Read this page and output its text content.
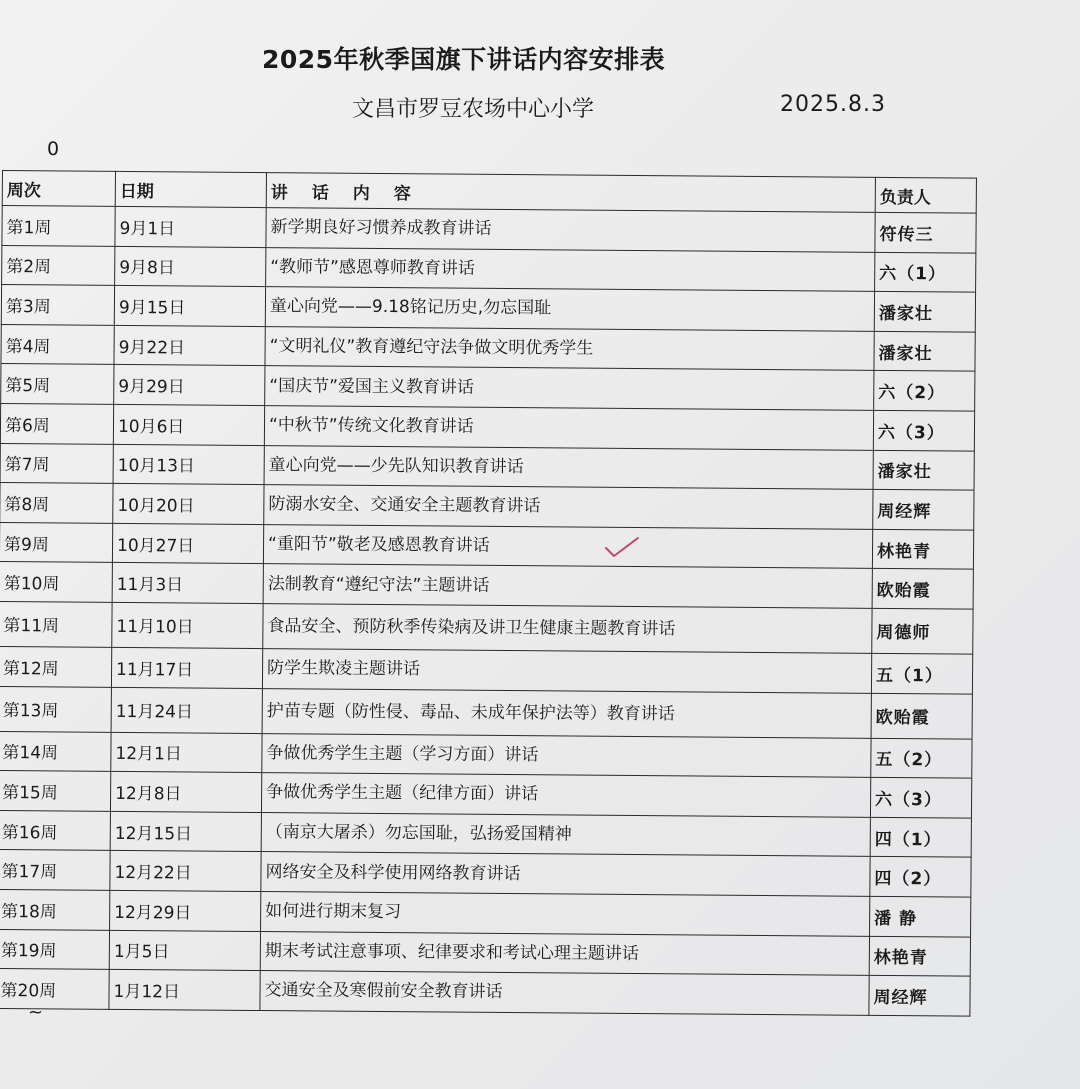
2025年秋季国旗下讲话内容安排表
文昌市罗豆农场中心小学	2025.8.3
0
周次	日期	讲话内容	负责人
第1周	9月1日	新学期良好习惯养成教育讲话	符传三
第2周	9月8日	“教师节”感恩尊师教育讲话	六（1）
第3周	9月15日	童心向党——9.18铭记历史,勿忘国耻	潘家壮
第4周	9月22日	“文明礼仪”教育遵纪守法争做文明优秀学生	潘家壮
第5周	9月29日	“国庆节”爱国主义教育讲话	六（2）
第6周	10月6日	“中秋节”传统文化教育讲话	六（3）
第7周	10月13日	童心向党——少先队知识教育讲话	潘家壮
第8周	10月20日	防溺水安全、交通安全主题教育讲话	周经辉
第9周	10月27日	“重阳节”敬老及感恩教育讲话	林艳青
第10周	11月3日	法制教育“遵纪守法”主题讲话	欧贻霞
第11周	11月10日	食品安全、预防秋季传染病及讲卫生健康主题教育讲话	周德师
第12周	11月17日	防学生欺凌主题讲话	五（1）
第13周	11月24日	护苗专题（防性侵、毒品、未成年保护法等）教育讲话	欧贻霞
第14周	12月1日	争做优秀学生主题（学习方面）讲话	五（2）
第15周	12月8日	争做优秀学生主题（纪律方面）讲话	六（3）
第16周	12月15日	（南京大屠杀）勿忘国耻，弘扬爱国精神	四（1）
第17周	12月22日	网络安全及科学使用网络教育讲话	四（2）
第18周	12月29日	如何进行期末复习	潘 静
第19周	1月5日	期末考试注意事项、纪律要求和考试心理主题讲话	林艳青
第20周	1月12日	交通安全及寒假前安全教育讲话	周经辉
~
